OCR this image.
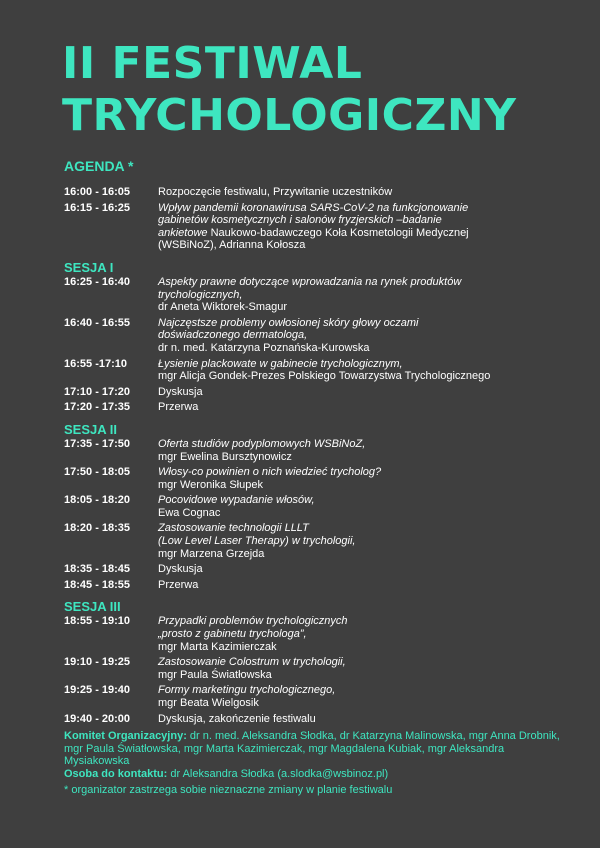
II FESTIWAL
TRYCHOLOGICZNY
AGENDA *
16:00 - 16:05	Rozpoczęcie festiwalu, Przywitanie uczestników
16:15 - 16:25	Wpływ pandemii koronawirusa SARS-CoV-2 na funkcjonowanie
gabinetów kosmetycznych i salonów fryzjerskich –badanie
ankietowe Naukowo-badawczego Koła Kosmetologii Medycznej
(WSBiNoZ), Adrianna Kołosza
SESJA I
16:25 - 16:40	Aspekty prawne dotyczące wprowadzania na rynek produktów
trychologicznych,
dr Aneta Wiktorek-Smagur
16:40 - 16:55	Najczęstsze problemy owłosionej skóry głowy oczami
doświadczonego dermatologa,
dr n. med. Katarzyna Poznańska-Kurowska
16:55 -17:10	Łysienie plackowate w gabinecie trychologicznym,
mgr Alicja Gondek-Prezes Polskiego Towarzystwa Trychologicznego
17:10 - 17:20	Dyskusja
17:20 - 17:35	Przerwa
SESJA II
17:35 - 17:50	Oferta studiów podyplomowych WSBiNoZ,
mgr Ewelina Bursztynowicz
17:50 - 18:05	Włosy-co powinien o nich wiedzieć trycholog?
mgr Weronika Słupek
18:05 - 18:20	Pocovidowe wypadanie włosów,
Ewa Cognac
18:20 - 18:35	Zastosowanie technologii LLLT
(Low Level Laser Therapy) w trychologii,
mgr Marzena Grzejda
18:35 - 18:45	Dyskusja
18:45 - 18:55	Przerwa
SESJA III
18:55 - 19:10	Przypadki problemów trychologicznych
„prosto z gabinetu trychologa”,
mgr Marta Kazimierczak
19:10 - 19:25	Zastosowanie Colostrum w trychologii,
mgr Paula Światłowska
19:25 - 19:40	Formy marketingu trychologicznego,
mgr Beata Wielgosik
19:40 - 20:00	Dyskusja, zakończenie festiwalu
Komitet Organizacyjny: dr n. med. Aleksandra Słodka, dr Katarzyna Malinowska, mgr Anna Drobnik, mgr Paula Światłowska, mgr Marta Kazimierczak, mgr Magdalena Kubiak, mgr Aleksandra Mysiakowska
Osoba do kontaktu: dr Aleksandra Słodka (a.slodka@wsbinoz.pl)
* organizator zastrzega sobie nieznaczne zmiany w planie festiwalu
